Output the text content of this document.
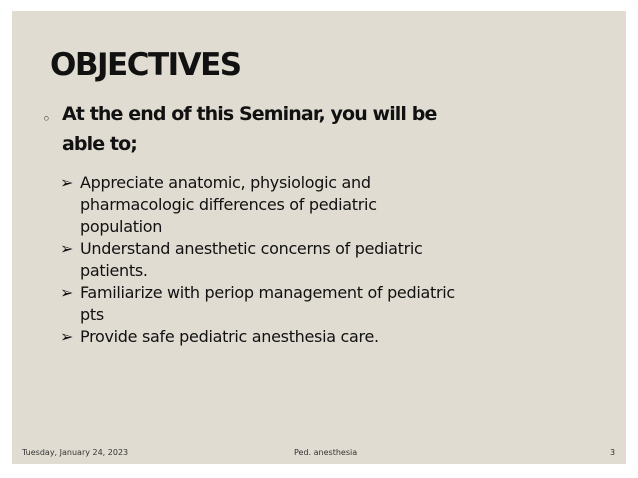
OBJECTIVES
◦ At the end of this Seminar, you will be able to;
➢ Appreciate anatomic, physiologic and pharmacologic differences of pediatric population
➢ Understand anesthetic concerns of pediatric patients.
➢ Familiarize with periop management of pediatric pts
➢ Provide safe pediatric anesthesia care.
Tuesday, January 24, 2023	Ped. anesthesia	3
